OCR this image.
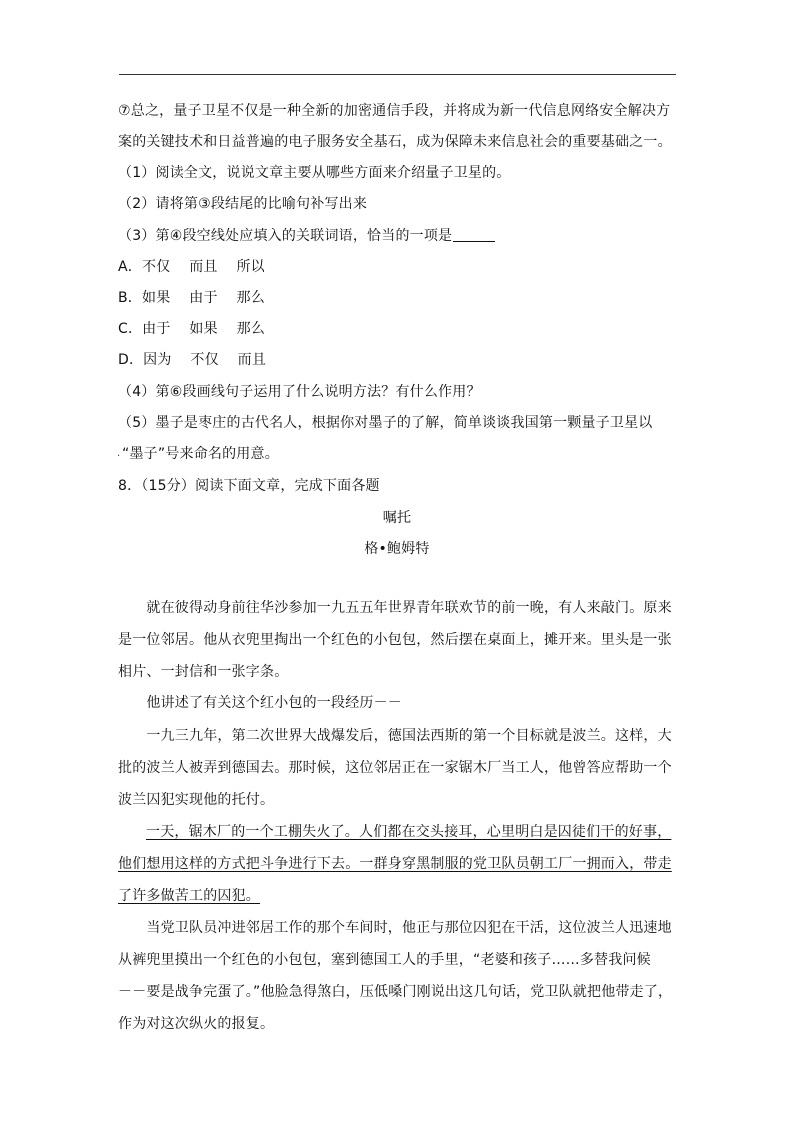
⑦总之，量子卫星不仅是一种全新的加密通信手段，并将成为新一代信息网络安全解决方
案的关键技术和日益普遍的电子服务安全基石，成为保障未来信息社会的重要基础之一。
（1）阅读全文，说说文章主要从哪些方面来介绍量子卫星的。
（2）请将第③段结尾的比喻句补写出来
（3）第④段空线处应填入的关联词语，恰当的一项是
A．不仅　 而且　 所以
B．如果　 由于　 那么
C．由于　 如果　 那么
D．因为　 不仅　 而且
（4）第⑥段画线句子运用了什么说明方法？有什么作用？
（5）墨子是枣庄的古代名人，根据你对墨子的了解，简单谈谈我国第一颗量子卫星以
. “墨子”号来命名的用意。
8．（15分）阅读下面文章，完成下面各题
嘱托
格•鲍姆特
　　就在彼得动身前往华沙参加一九五五年世界青年联欢节的前一晚，有人来敲门。原来
是一位邻居。他从衣兜里掏出一个红色的小包包，然后摆在桌面上，摊开来。里头是一张
相片、一封信和一张字条。
　　他讲述了有关这个红小包的一段经历－－
　　一九三九年，第二次世界大战爆发后，德国法西斯的第一个目标就是波兰。这样，大
批的波兰人被弄到德国去。那时候，这位邻居正在一家锯木厂当工人，他曾答应帮助一个
波兰囚犯实现他的托付。
一天，锯木厂的一个工棚失火了。人们都在交头接耳，心里明白是囚徒们干的好事，
他们想用这样的方式把斗争进行下去。一群身穿黑制服的党卫队员朝工厂一拥而入，带走
了许多做苦工的囚犯。
　　当党卫队员冲进邻居工作的那个车间时，他正与那位囚犯在干活，这位波兰人迅速地
从裤兜里摸出一个红色的小包包，塞到德国工人的手里，“老婆和孩子……多替我问候
－－要是战争完蛋了。”他脸急得煞白，压低嗓门刚说出这几句话，党卫队就把他带走了，
作为对这次纵火的报复。
